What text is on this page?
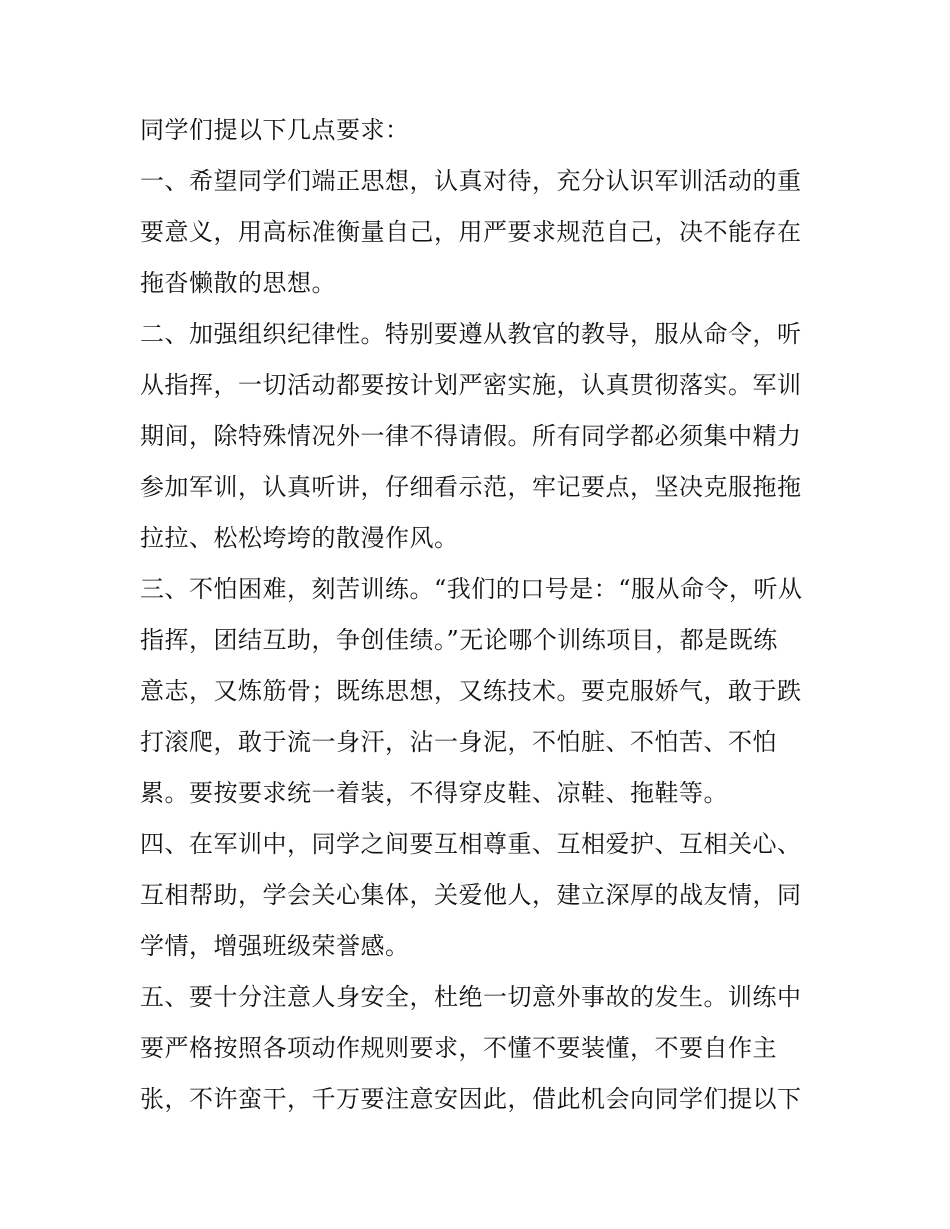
同学们提以下几点要求：

一、希望同学们端正思想，认真对待，充分认识军训活动的重

要意义，用高标准衡量自己，用严要求规范自己，决不能存在

拖沓懒散的思想。

二、加强组织纪律性。特别要遵从教官的教导，服从命令，听

从指挥，一切活动都要按计划严密实施，认真贯彻落实。军训

期间，除特殊情况外一律不得请假。所有同学都必须集中精力

参加军训，认真听讲，仔细看示范，牢记要点，坚决克服拖拖

拉拉、松松垮垮的散漫作风。

三、不怕困难，刻苦训练。“我们的口号是：“服从命令，听从

指挥，团结互助，争创佳绩。”无论哪个训练项目，都是既练

意志，又炼筋骨；既练思想，又练技术。要克服娇气，敢于跌

打滚爬，敢于流一身汗，沾一身泥，不怕脏、不怕苦、不怕

累。要按要求统一着装，不得穿皮鞋、凉鞋、拖鞋等。

四、在军训中，同学之间要互相尊重、互相爱护、互相关心、

互相帮助，学会关心集体，关爱他人，建立深厚的战友情，同

学情，增强班级荣誉感。

五、要十分注意人身安全，杜绝一切意外事故的发生。训练中

要严格按照各项动作规则要求，不懂不要装懂，不要自作主

张，不许蛮干，千万要注意安因此，借此机会向同学们提以下
